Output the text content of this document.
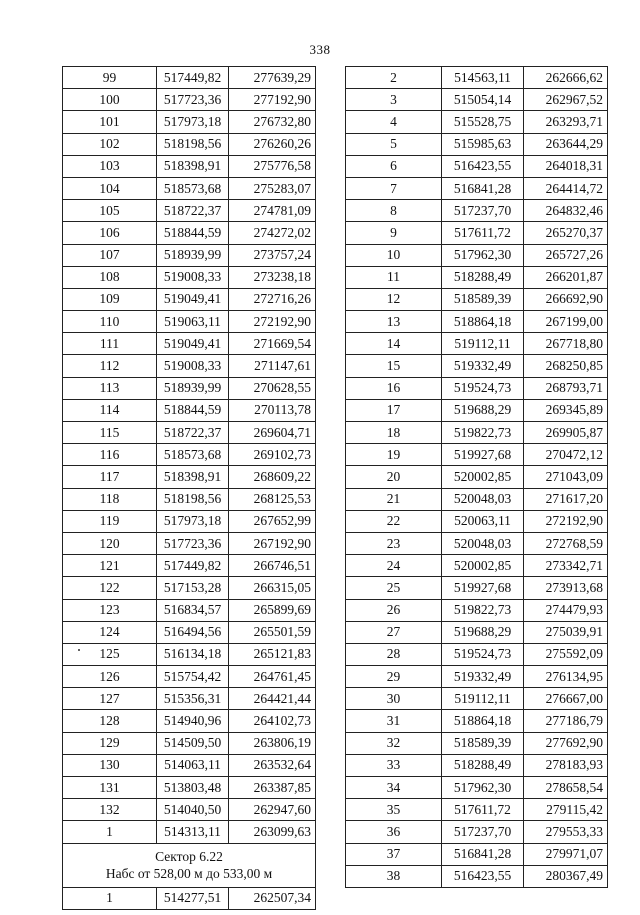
338
99	517449,82	277639,29
100	517723,36	277192,90
101	517973,18	276732,80
102	518198,56	276260,26
103	518398,91	275776,58
104	518573,68	275283,07
105	518722,37	274781,09
106	518844,59	274272,02
107	518939,99	273757,24
108	519008,33	273238,18
109	519049,41	272716,26
110	519063,11	272192,90
111	519049,41	271669,54
112	519008,33	271147,61
113	518939,99	270628,55
114	518844,59	270113,78
115	518722,37	269604,71
116	518573,68	269102,73
117	518398,91	268609,22
118	518198,56	268125,53
119	517973,18	267652,99
120	517723,36	267192,90
121	517449,82	266746,51
122	517153,28	266315,05
123	516834,57	265899,69
124	516494,56	265501,59
125	516134,18	265121,83
126	515754,42	264761,45
127	515356,31	264421,44
128	514940,96	264102,73
129	514509,50	263806,19
130	514063,11	263532,64
131	513803,48	263387,85
132	514040,50	262947,60
1	514313,11	263099,63

Сектор 6.22
Набс от 528,00 м до 533,00 м		

1	514277,51	262507,34
2	514563,11	262666,62
3	515054,14	262967,52
4	515528,75	263293,71
5	515985,63	263644,29
6	516423,55	264018,31
7	516841,28	264414,72
8	517237,70	264832,46
9	517611,72	265270,37
10	517962,30	265727,26
11	518288,49	266201,87
12	518589,39	266692,90
13	518864,18	267199,00
14	519112,11	267718,80
15	519332,49	268250,85
16	519524,73	268793,71
17	519688,29	269345,89
18	519822,73	269905,87
19	519927,68	270472,12
20	520002,85	271043,09
21	520048,03	271617,20
22	520063,11	272192,90
23	520048,03	272768,59
24	520002,85	273342,71
25	519927,68	273913,68
26	519822,73	274479,93
27	519688,29	275039,91
28	519524,73	275592,09
29	519332,49	276134,95
30	519112,11	276667,00
31	518864,18	277186,79
32	518589,39	277692,90
33	518288,49	278183,93
34	517962,30	278658,54
35	517611,72	279115,42
36	517237,70	279553,33
37	516841,28	279971,07
38	516423,55	280367,49
